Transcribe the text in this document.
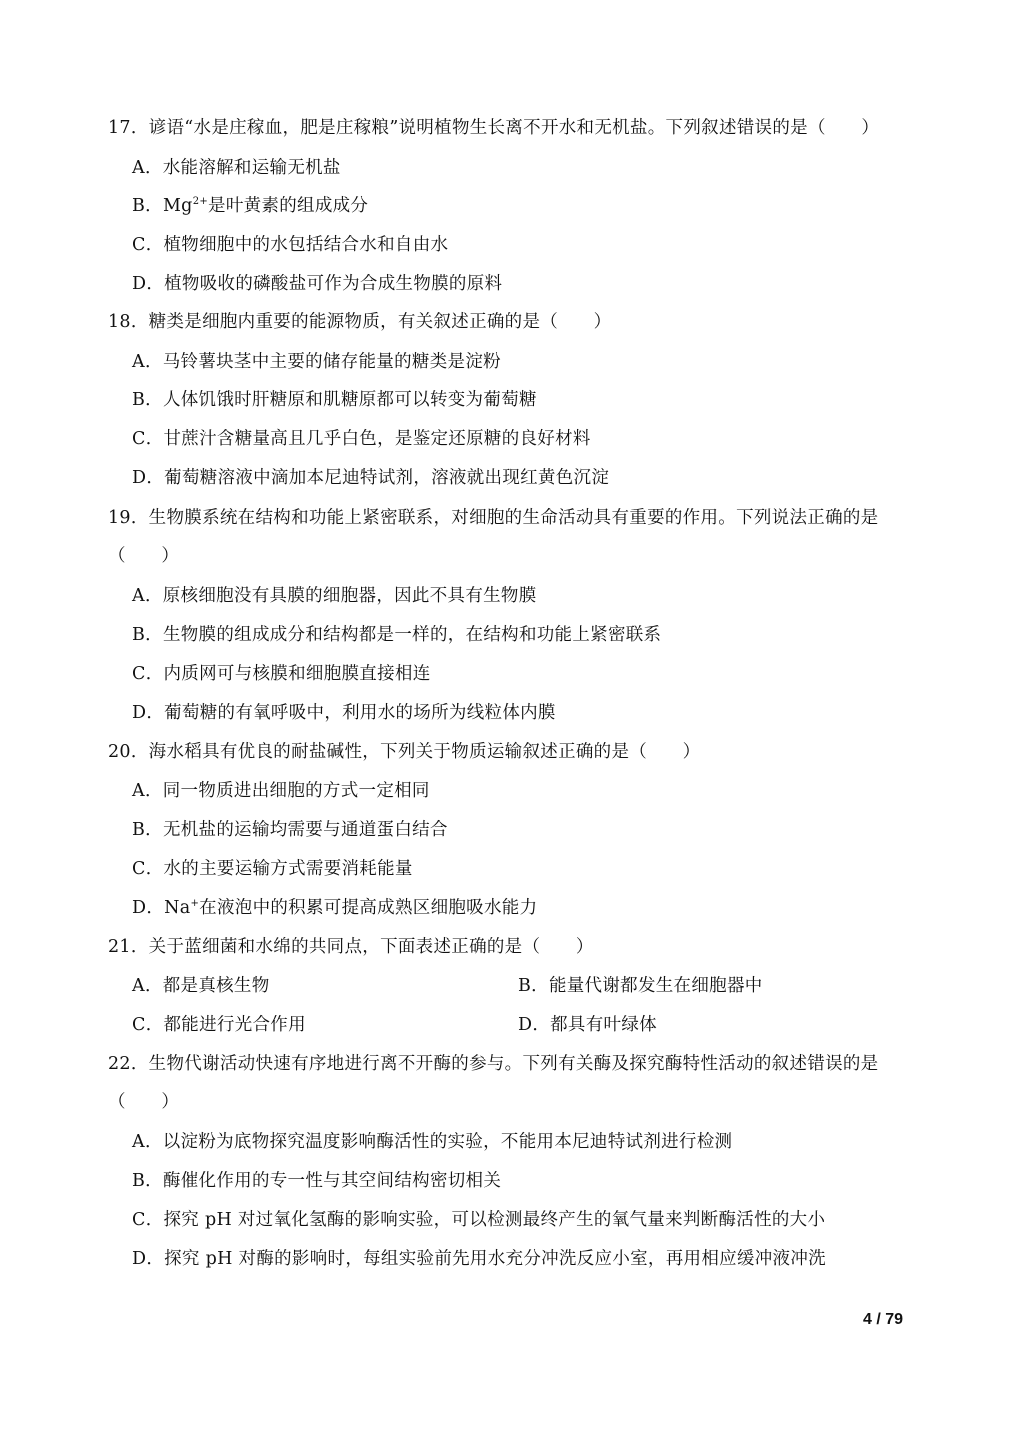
17．谚语“水是庄稼血，肥是庄稼粮”说明植物生长离不开水和无机盐。下列叙述错误的是（　　）
A．水能溶解和运输无机盐
B．$Mg^{2+}$是叶黄素的组成成分
C．植物细胞中的水包括结合水和自由水
D．植物吸收的磷酸盐可作为合成生物膜的原料
18．糖类是细胞内重要的能源物质，有关叙述正确的是（　　）
A．马铃薯块茎中主要的储存能量的糖类是淀粉
B．人体饥饿时肝糖原和肌糖原都可以转变为葡萄糖
C．甘蔗汁含糖量高且几乎白色，是鉴定还原糖的良好材料
D．葡萄糖溶液中滴加本尼迪特试剂，溶液就出现红黄色沉淀
19．生物膜系统在结构和功能上紧密联系，对细胞的生命活动具有重要的作用。下列说法正确的是
（　　）
A．原核细胞没有具膜的细胞器，因此不具有生物膜
B．生物膜的组成成分和结构都是一样的，在结构和功能上紧密联系
C．内质网可与核膜和细胞膜直接相连
D．葡萄糖的有氧呼吸中，利用水的场所为线粒体内膜
20．海水稻具有优良的耐盐碱性，下列关于物质运输叙述正确的是（　　）
A．同一物质进出细胞的方式一定相同
B．无机盐的运输均需要与通道蛋白结合
C．水的主要运输方式需要消耗能量
D．Na+在液泡中的积累可提高成熟区细胞吸水能力
21．关于蓝细菌和水绵的共同点，下面表述正确的是（　　）
A．都是真核生物	B．能量代谢都发生在细胞器中
C．都能进行光合作用	D．都具有叶绿体
22．生物代谢活动快速有序地进行离不开酶的参与。下列有关酶及探究酶特性活动的叙述错误的是
（　　）
A．以淀粉为底物探究温度影响酶活性的实验，不能用本尼迪特试剂进行检测
B．酶催化作用的专一性与其空间结构密切相关
C．探究 pH 对过氧化氢酶的影响实验，可以检测最终产生的氧气量来判断酶活性的大小
D．探究 pH 对酶的影响时，每组实验前先用水充分冲洗反应小室，再用相应缓冲液冲洗
4 / 79
